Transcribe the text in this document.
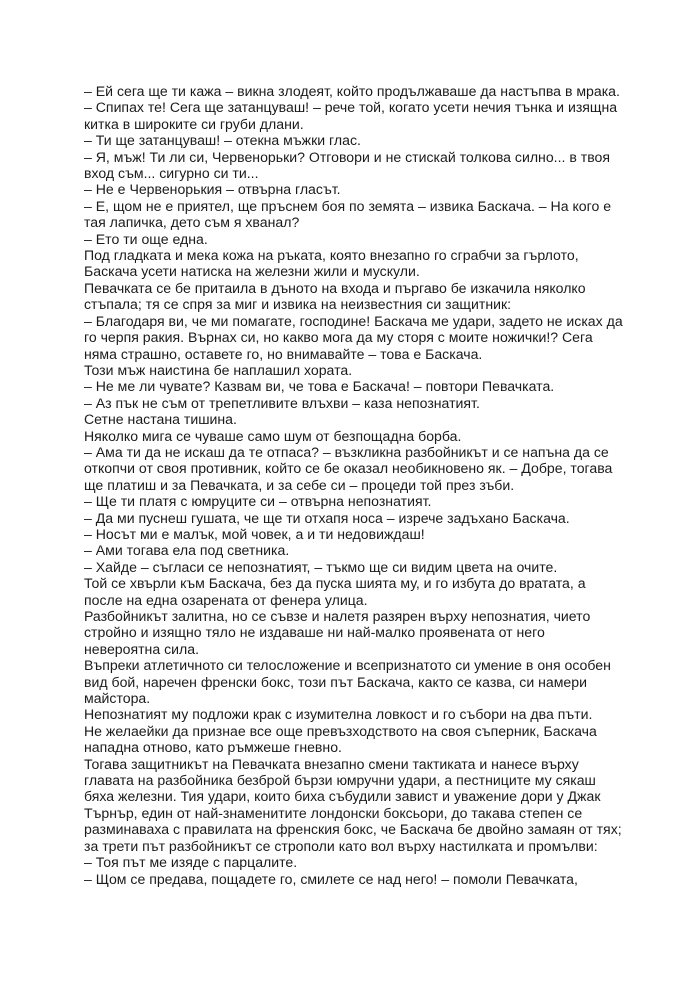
– Ей сега ще ти кажа – викна злодеят, който продължаваше да настъпва в мрака. – Спипах те! Сега ще затанцуваш! – рече той, когато усети нечия тънка и изящна китка в широките си груби длани.

– Ти ще затанцуваш! – отекна мъжки глас.

– Я, мъж! Ти ли си, Червенорьки? Отговори и не стискай толкова силно... в твоя вход съм... сигурно си ти...

– Не е Червенорькия – отвърна гласът.

– Е, щом не е приятел, ще пръснем боя по земята – извика Баскача. – На кого е тая лапичка, дето съм я хванал?

– Ето ти още една.

Под гладката и мека кожа на ръката, която внезапно го сграбчи за гърлото, Баскача усети натиска на железни жили и мускули.

Певачката се бе притаила в дъното на входа и пъргаво бе изкачила няколко стъпала; тя се спря за миг и извика на неизвестния си защитник:

– Благодаря ви, че ми помагате, господине! Баскача ме удари, задето не исках да го черпя ракия. Върнах си, но какво мога да му сторя с моите ножички!? Сега няма страшно, оставете го, но внимавайте – това е Баскача.

Този мъж наистина бе наплашил хората.

– Не ме ли чувате? Казвам ви, че това е Баскача! – повтори Певачката.

– Аз пък не съм от трепетливите влъхви – каза непознатият.

Сетне настана тишина.

Няколко мига се чуваше само шум от безпощадна борба.

– Ама ти да не искаш да те отпаса? – възкликна разбойникът и се напъна да се откопчи от своя противник, който се бе оказал необикновено як. – Добре, тогава ще платиш и за Певачката, и за себе си – процеди той през зъби.

– Ще ти платя с юмруците си – отвърна непознатият.

– Да ми пуснеш гушата, че ще ти отхапя носа – изрече задъхано Баскача.

– Носът ми е малък, мой човек, а и ти недовиждаш!

– Ами тогава ела под светника.

– Хайде – съгласи се непознатият, – тъкмо ще си видим цвета на очите.

Той се хвърли към Баскача, без да пуска шията му, и го избута до вратата, а после на една озарената от фенера улица.

Разбойникът залитна, но се съвзе и налетя разярен върху непознатия, чието стройно и изящно тяло не издаваше ни най-малко проявената от него невероятна сила.

Въпреки атлетичното си телосложение и всепризнатото си умение в оня особен вид бой, наречен френски бокс, този път Баскача, както се казва, си намери майстора.

Непознатият му подложи крак с изумителна ловкост и го събори на два пъти.

Не желаейки да признае все още превъзходството на своя съперник, Баскача нападна отново, като ръмжеше гневно.

Тогава защитникът на Певачката внезапно смени тактиката и нанесе върху главата на разбойника безброй бързи юмручни удари, а пестниците му сякаш бяха железни. Тия удари, които биха събудили завист и уважение дори у Джак Търнър, един от най-знаменитите лондонски боксьори, до такава степен се разминаваха с правилата на френския бокс, че Баскача бе двойно замаян от тях; за трети път разбойникът се строполи като вол върху настилката и промълви:

– Тоя път ме изяде с парцалите.

– Щом се предава, пощадете го, смилете се над него! – помоли Певачката,
